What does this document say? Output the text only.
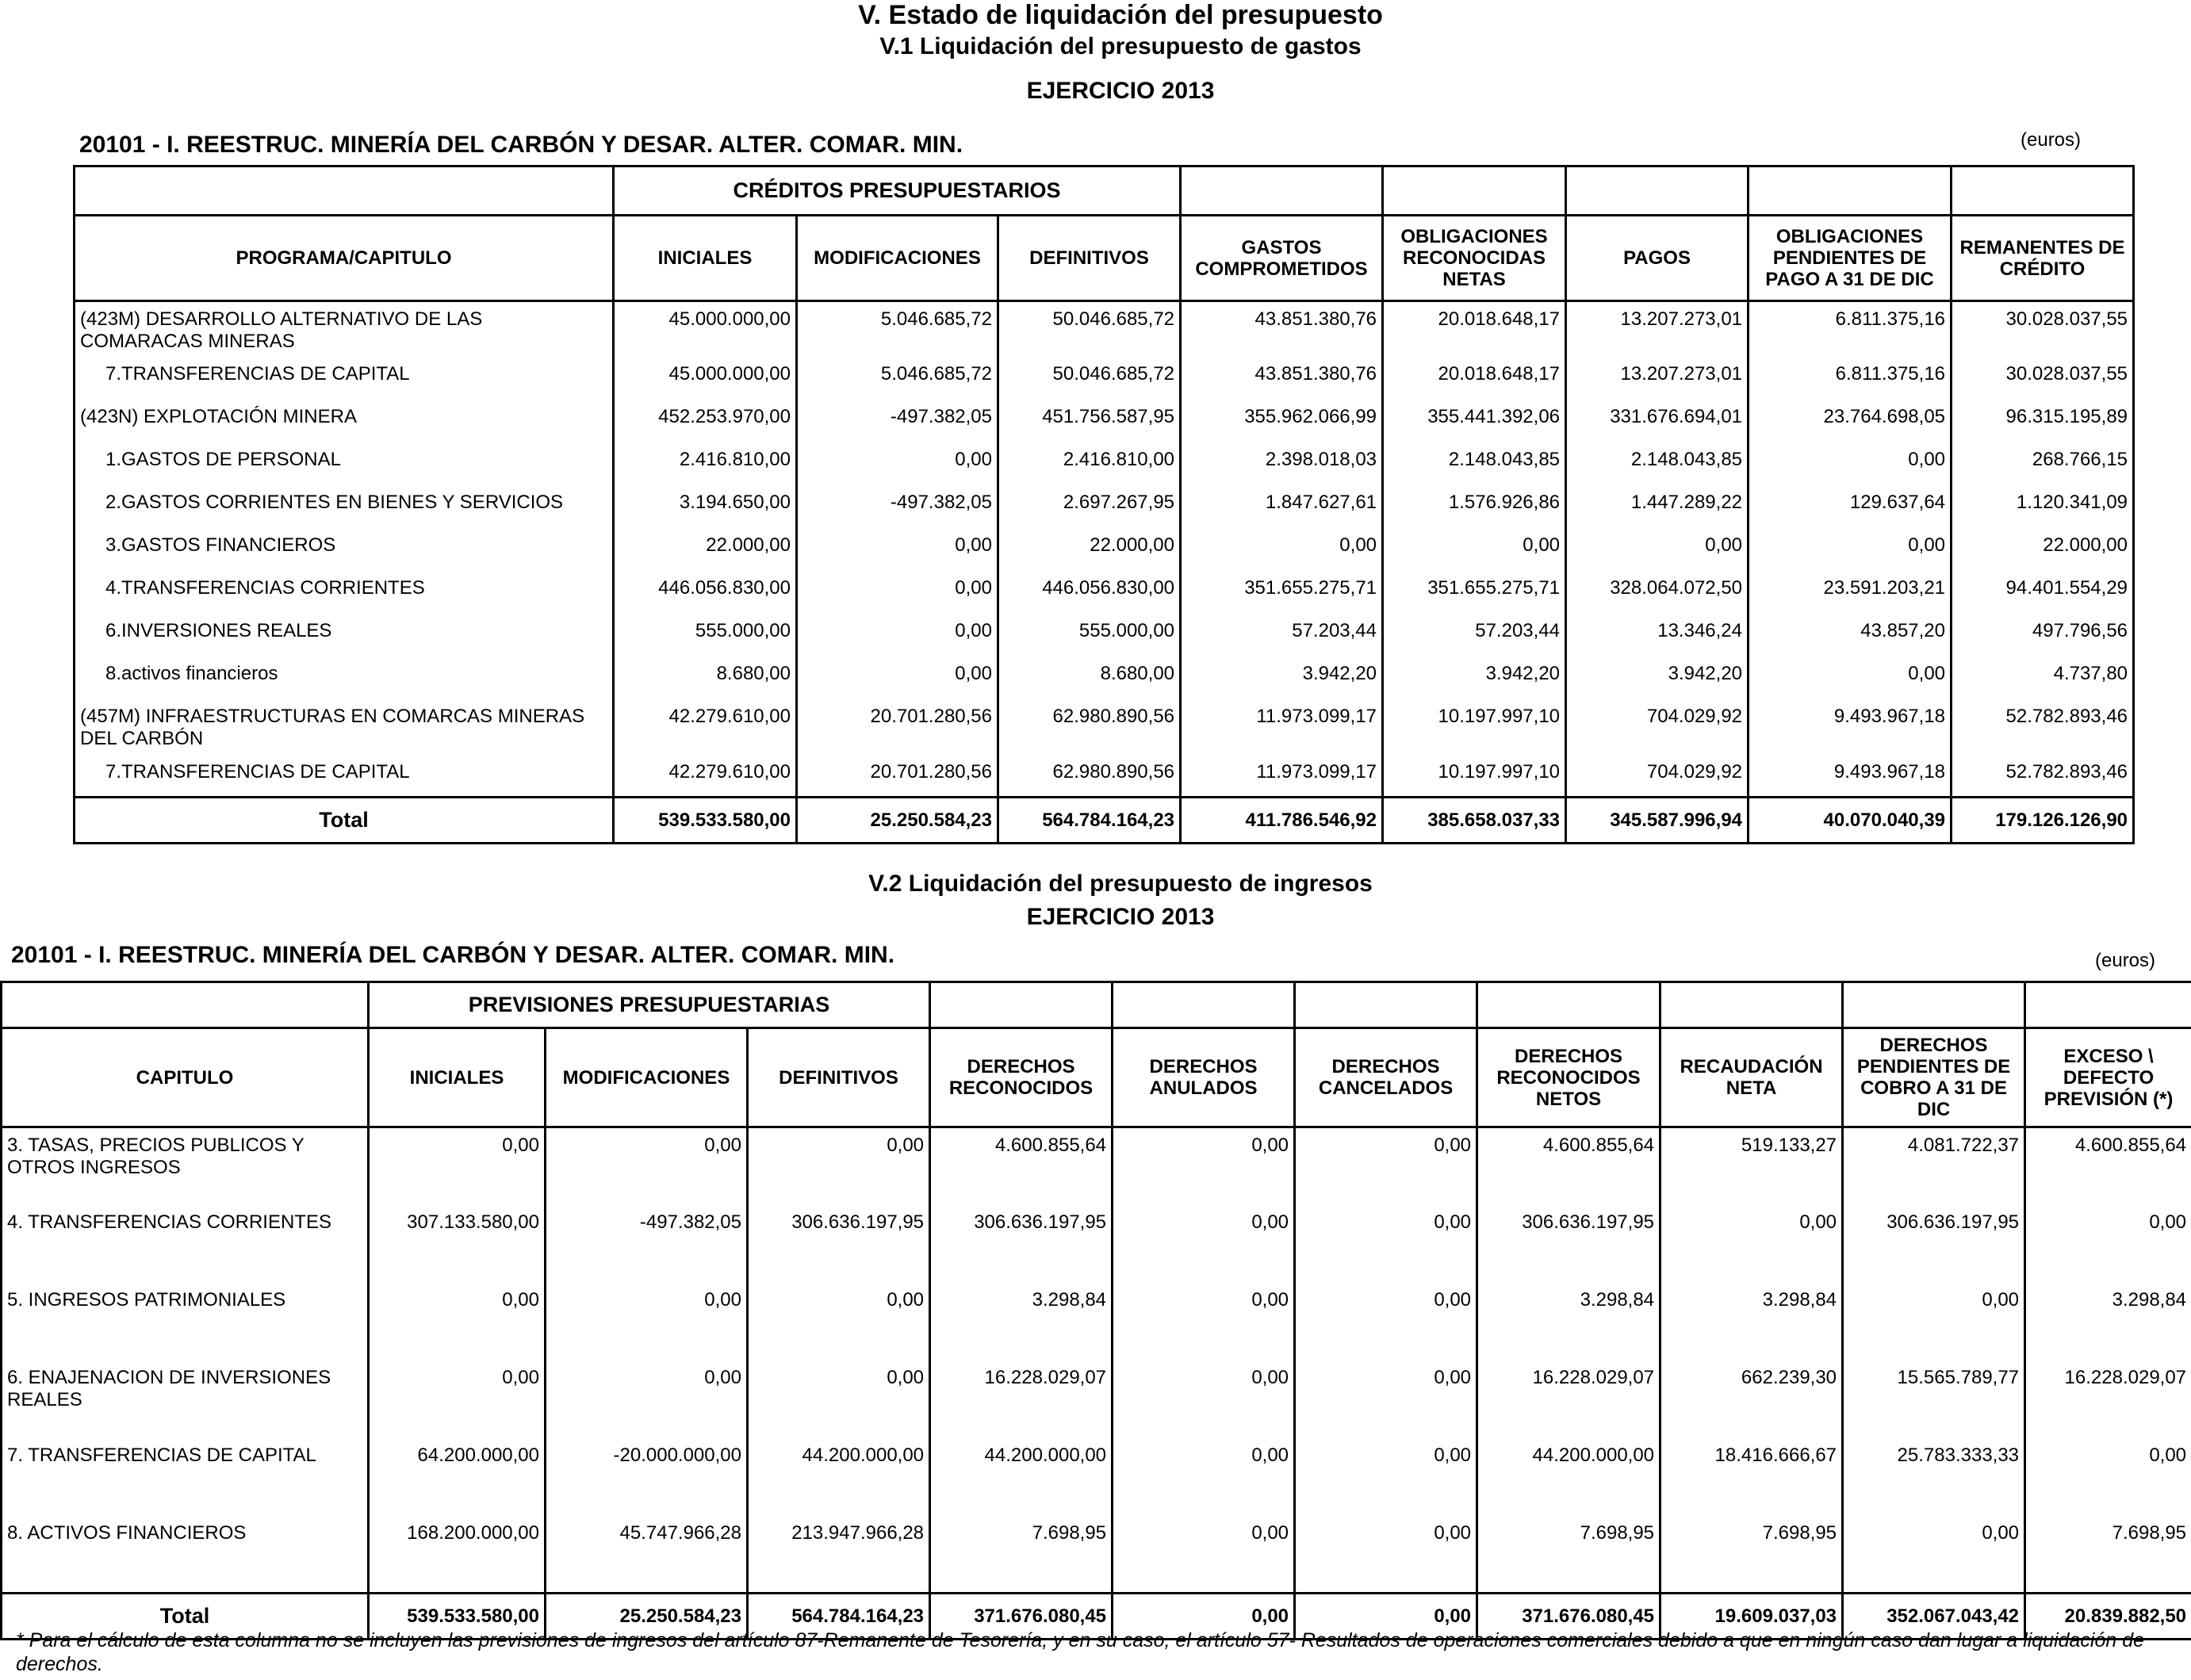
V. Estado de liquidación del presupuesto
V.1 Liquidación del presupuesto de gastos
EJERCICIO 2013
20101 - I. REESTRUC. MINERÍA DEL CARBÓN Y DESAR. ALTER. COMAR. MIN.	(euros)
	CRÉDITOS PRESUPUESTARIOS							
PROGRAMA/CAPITULO	INICIALES	MODIFICACIONES	DEFINITIVOS	GASTOS COMPROMETIDOS	OBLIGACIONES RECONOCIDAS NETAS	PAGOS	OBLIGACIONES PENDIENTES DE PAGO A 31 DE DIC	REMANENTES DE CRÉDITO
(423M) DESARROLLO ALTERNATIVO DE LAS COMARACAS MINERAS	45.000.000,00	5.046.685,72	50.046.685,72	43.851.380,76	20.018.648,17	13.207.273,01	6.811.375,16	30.028.037,55
7.TRANSFERENCIAS DE CAPITAL	45.000.000,00	5.046.685,72	50.046.685,72	43.851.380,76	20.018.648,17	13.207.273,01	6.811.375,16	30.028.037,55
(423N) EXPLOTACIÓN MINERA	452.253.970,00	-497.382,05	451.756.587,95	355.962.066,99	355.441.392,06	331.676.694,01	23.764.698,05	96.315.195,89
1.GASTOS DE PERSONAL	2.416.810,00	0,00	2.416.810,00	2.398.018,03	2.148.043,85	2.148.043,85	0,00	268.766,15
2.GASTOS CORRIENTES EN BIENES Y SERVICIOS	3.194.650,00	-497.382,05	2.697.267,95	1.847.627,61	1.576.926,86	1.447.289,22	129.637,64	1.120.341,09
3.GASTOS FINANCIEROS	22.000,00	0,00	22.000,00	0,00	0,00	0,00	0,00	22.000,00
4.TRANSFERENCIAS CORRIENTES	446.056.830,00	0,00	446.056.830,00	351.655.275,71	351.655.275,71	328.064.072,50	23.591.203,21	94.401.554,29
6.INVERSIONES REALES	555.000,00	0,00	555.000,00	57.203,44	57.203,44	13.346,24	43.857,20	497.796,56
8.activos financieros	8.680,00	0,00	8.680,00	3.942,20	3.942,20	3.942,20	0,00	4.737,80
(457M) INFRAESTRUCTURAS EN COMARCAS MINERAS DEL CARBÓN	42.279.610,00	20.701.280,56	62.980.890,56	11.973.099,17	10.197.997,10	704.029,92	9.493.967,18	52.782.893,46
7.TRANSFERENCIAS DE CAPITAL	42.279.610,00	20.701.280,56	62.980.890,56	11.973.099,17	10.197.997,10	704.029,92	9.493.967,18	52.782.893,46
Total	539.533.580,00	25.250.584,23	564.784.164,23	411.786.546,92	385.658.037,33	345.587.996,94	40.070.040,39	179.126.126,90
V.2 Liquidación del presupuesto de ingresos
EJERCICIO 2013
20101 - I. REESTRUC. MINERÍA DEL CARBÓN Y DESAR. ALTER. COMAR. MIN.	(euros)
	PREVISIONES PRESUPUESTARIAS									
CAPITULO	INICIALES	MODIFICACIONES	DEFINITIVOS	DERECHOS RECONOCIDOS	DERECHOS ANULADOS	DERECHOS CANCELADOS	DERECHOS RECONOCIDOS NETOS	RECAUDACIÓN NETA	DERECHOS PENDIENTES DE COBRO A 31 DE DIC	EXCESO \ DEFECTO PREVISIÓN (*)
3. TASAS, PRECIOS PUBLICOS Y OTROS INGRESOS	0,00	0,00	0,00	4.600.855,64	0,00	0,00	4.600.855,64	519.133,27	4.081.722,37	4.600.855,64
4. TRANSFERENCIAS CORRIENTES	307.133.580,00	-497.382,05	306.636.197,95	306.636.197,95	0,00	0,00	306.636.197,95	0,00	306.636.197,95	0,00
5. INGRESOS PATRIMONIALES	0,00	0,00	0,00	3.298,84	0,00	0,00	3.298,84	3.298,84	0,00	3.298,84
6. ENAJENACION DE INVERSIONES REALES	0,00	0,00	0,00	16.228.029,07	0,00	0,00	16.228.029,07	662.239,30	15.565.789,77	16.228.029,07
7. TRANSFERENCIAS DE CAPITAL	64.200.000,00	-20.000.000,00	44.200.000,00	44.200.000,00	0,00	0,00	44.200.000,00	18.416.666,67	25.783.333,33	0,00
8. ACTIVOS FINANCIEROS	168.200.000,00	45.747.966,28	213.947.966,28	7.698,95	0,00	0,00	7.698,95	7.698,95	0,00	7.698,95
Total	539.533.580,00	25.250.584,23	564.784.164,23	371.676.080,45	0,00	0,00	371.676.080,45	19.609.037,03	352.067.043,42	20.839.882,50
* Para el cálculo de esta columna no se incluyen las previsiones de ingresos del artículo 87-Remanente de Tesorería, y en su caso, el artículo 57- Resultados de operaciones comerciales debido a que en ningún caso dan lugar a liquidación de derechos.
